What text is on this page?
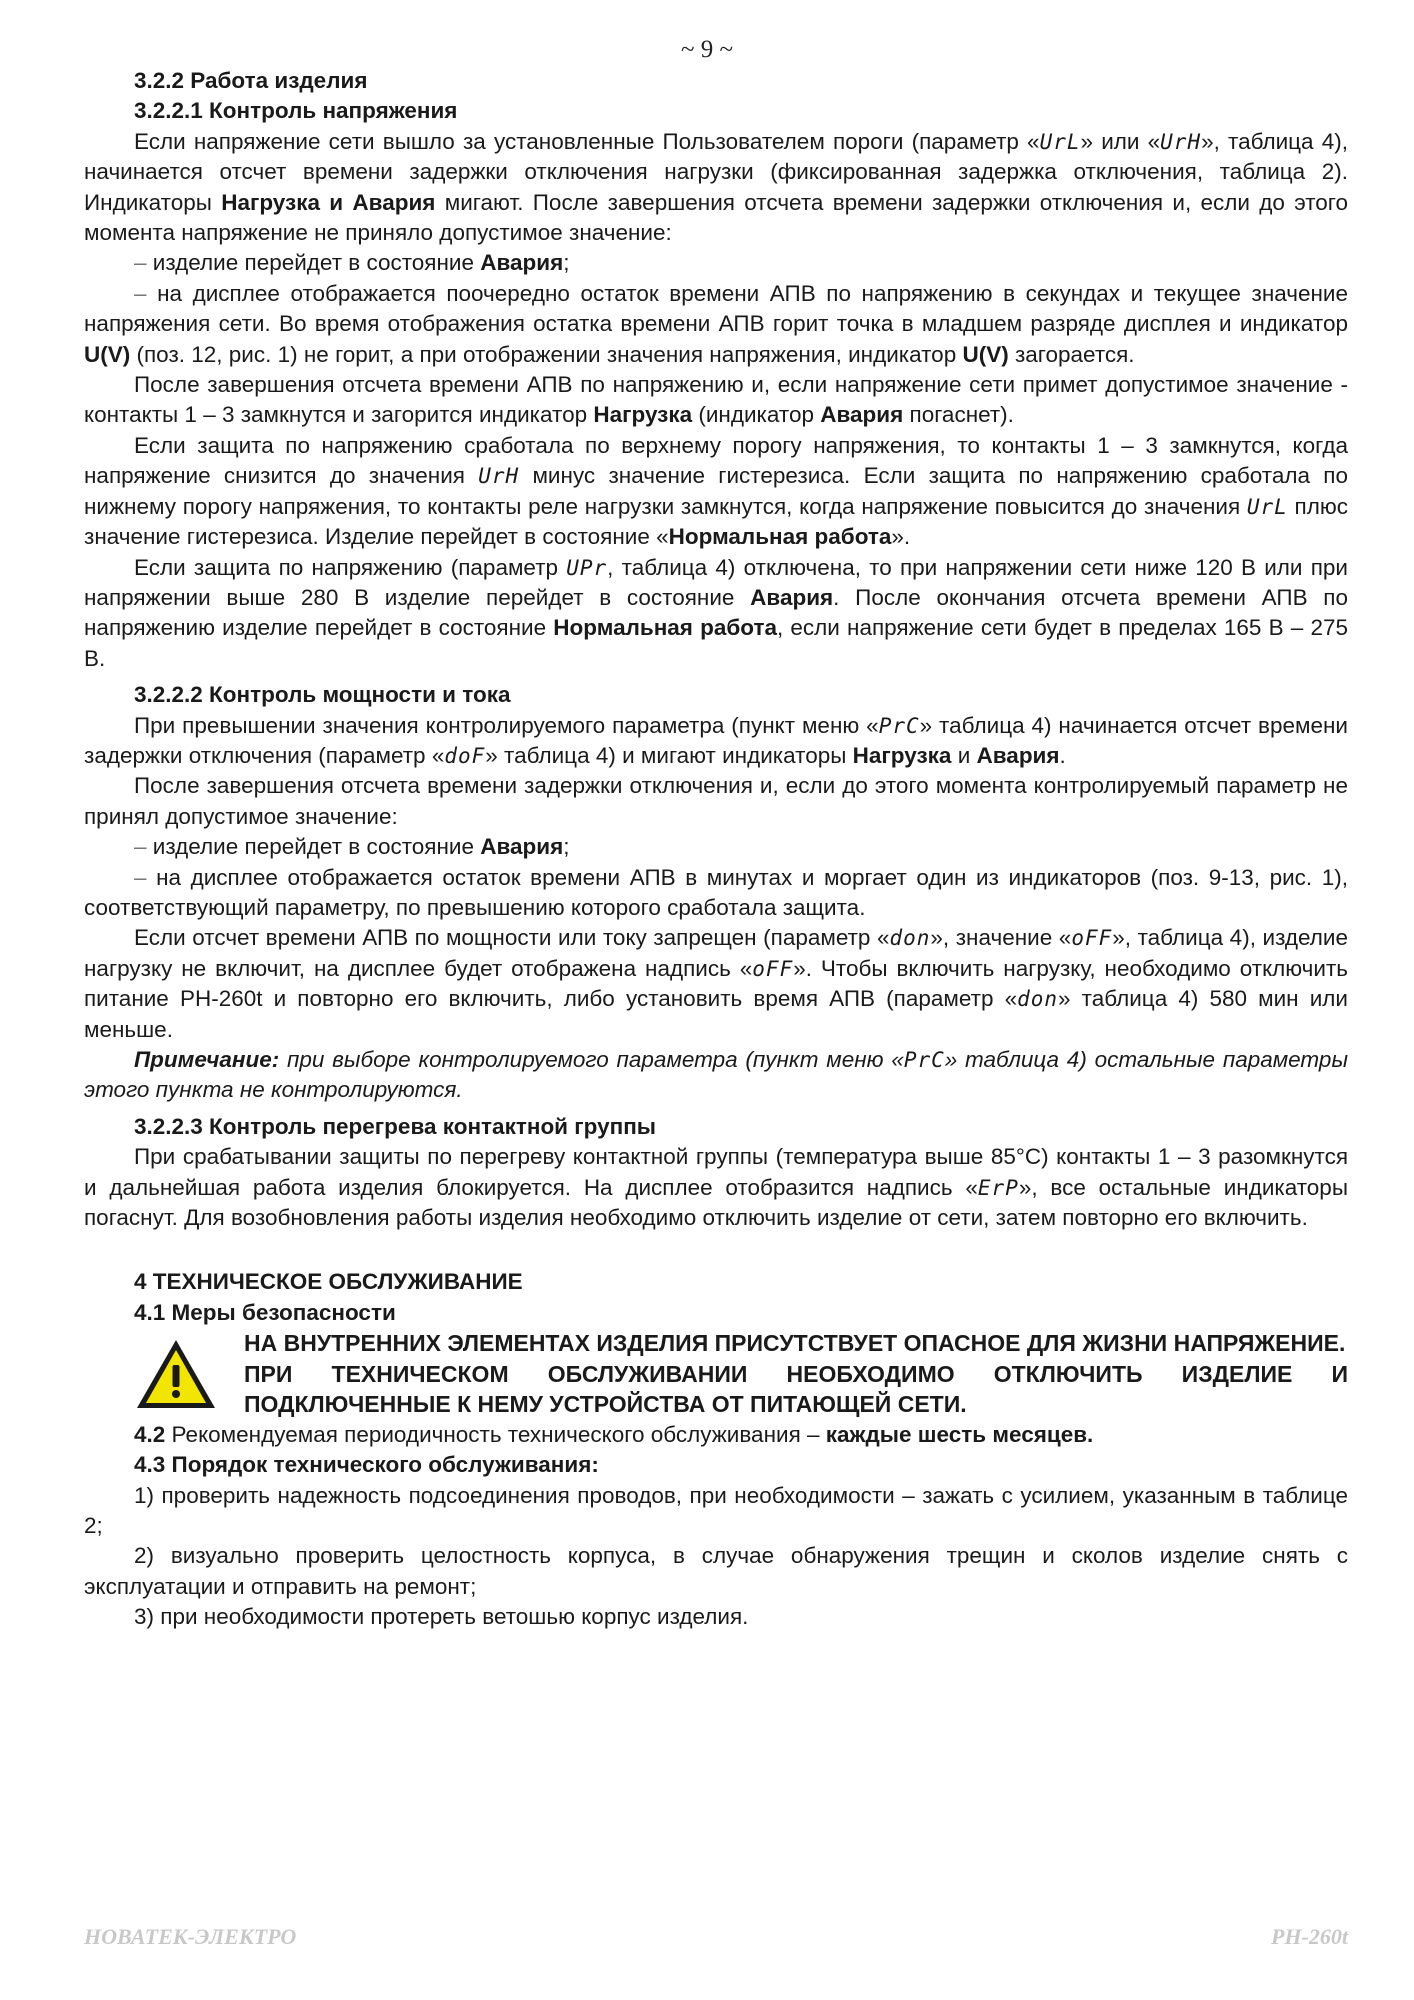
~ 9 ~
3.2.2 Работа изделия
3.2.2.1 Контроль напряжения

Если напряжение сети вышло за установленные Пользователем пороги (параметр «UrL» или «UrH», таблица 4), начинается отсчет времени задержки отключения нагрузки (фиксированная задержка отключения, таблица 2). Индикаторы Нагрузка и Авария мигают. После завершения отсчета времени задержки отключения и, если до этого момента напряжение не приняло допустимое значение:

– изделие перейдет в состояние Авария;

– на дисплее отображается поочередно остаток времени АПВ по напряжению в секундах и текущее значение напряжения сети. Во время отображения остатка времени АПВ горит точка в младшем разряде дисплея и индикатор U(V) (поз. 12, рис. 1) не горит, а при отображении значения напряжения, индикатор U(V) загорается.

После завершения отсчета времени АПВ по напряжению и, если напряжение сети примет допустимое значение - контакты 1 – 3 замкнутся и загорится индикатор Нагрузка (индикатор Авария погаснет).

Если защита по напряжению сработала по верхнему порогу напряжения, то контакты 1 – 3 замкнутся, когда напряжение снизится до значения UrH минус значение гистерезиса. Если защита по напряжению сработала по нижнему порогу напряжения, то контакты реле нагрузки замкнутся, когда напряжение повысится до значения UrL плюс значение гистерезиса. Изделие перейдет в состояние «Нормальная работа».

Если защита по напряжению (параметр UPr, таблица 4) отключена, то при напряжении сети ниже 120 В или при напряжении выше 280 В изделие перейдет в состояние Авария. После окончания отсчета времени АПВ по напряжению изделие перейдет в состояние Нормальная работа, если напряжение сети будет в пределах 165 В – 275 В.

3.2.2.2 Контроль мощности и тока

При превышении значения контролируемого параметра (пункт меню «PrC» таблица 4) начинается отсчет времени задержки отключения (параметр «doF» таблица 4) и мигают индикаторы Нагрузка и Авария.

После завершения отсчета времени задержки отключения и, если до этого момента контролируемый параметр не принял допустимое значение:

– изделие перейдет в состояние Авария;

– на дисплее отображается остаток времени АПВ в минутах и моргает один из индикаторов (поз. 9-13, рис. 1), соответствующий параметру, по превышению которого сработала защита.

Если отсчет времени АПВ по мощности или току запрещен (параметр «don», значение «oFF», таблица 4), изделие нагрузку не включит, на дисплее будет отображена надпись «oFF». Чтобы включить нагрузку, необходимо отключить питание РН-260t и повторно его включить, либо установить время АПВ (параметр «don» таблица 4) 580 мин или меньше.

Примечание: при выборе контролируемого параметра (пункт меню «PrC» таблица 4) остальные параметры этого пункта не контролируются.

3.2.2.3 Контроль перегрева контактной группы

При срабатывании защиты по перегреву контактной группы (температура выше 85°С) контакты 1 – 3 разомкнутся и дальнейшая работа изделия блокируется. На дисплее отобразится надпись «ErP», все остальные индикаторы погаснут. Для возобновления работы изделия необходимо отключить изделие от сети, затем повторно его включить.

4 ТЕХНИЧЕСКОЕ ОБСЛУЖИВАНИЕ
4.1 Меры безопасности
НА ВНУТРЕННИХ ЭЛЕМЕНТАХ ИЗДЕЛИЯ ПРИСУТСТВУЕТ ОПАСНОЕ ДЛЯ ЖИЗНИ НАПРЯЖЕНИЕ.
ПРИ ТЕХНИЧЕСКОМ ОБСЛУЖИВАНИИ НЕОБХОДИМО ОТКЛЮЧИТЬ ИЗДЕЛИЕ И ПОДКЛЮЧЕННЫЕ К НЕМУ УСТРОЙСТВА ОТ ПИТАЮЩЕЙ СЕТИ.

4.2 Рекомендуемая периодичность технического обслуживания – каждые шесть месяцев.

4.3 Порядок технического обслуживания:

1) проверить надежность подсоединения проводов, при необходимости – зажать с усилием, указанным в таблице 2;

2) визуально проверить целостность корпуса, в случае обнаружения трещин и сколов изделие снять с эксплуатации и отправить на ремонт;

3) при необходимости протереть ветошью корпус изделия.

НОВАТЕК-ЭЛЕКТРО	РН-260t
